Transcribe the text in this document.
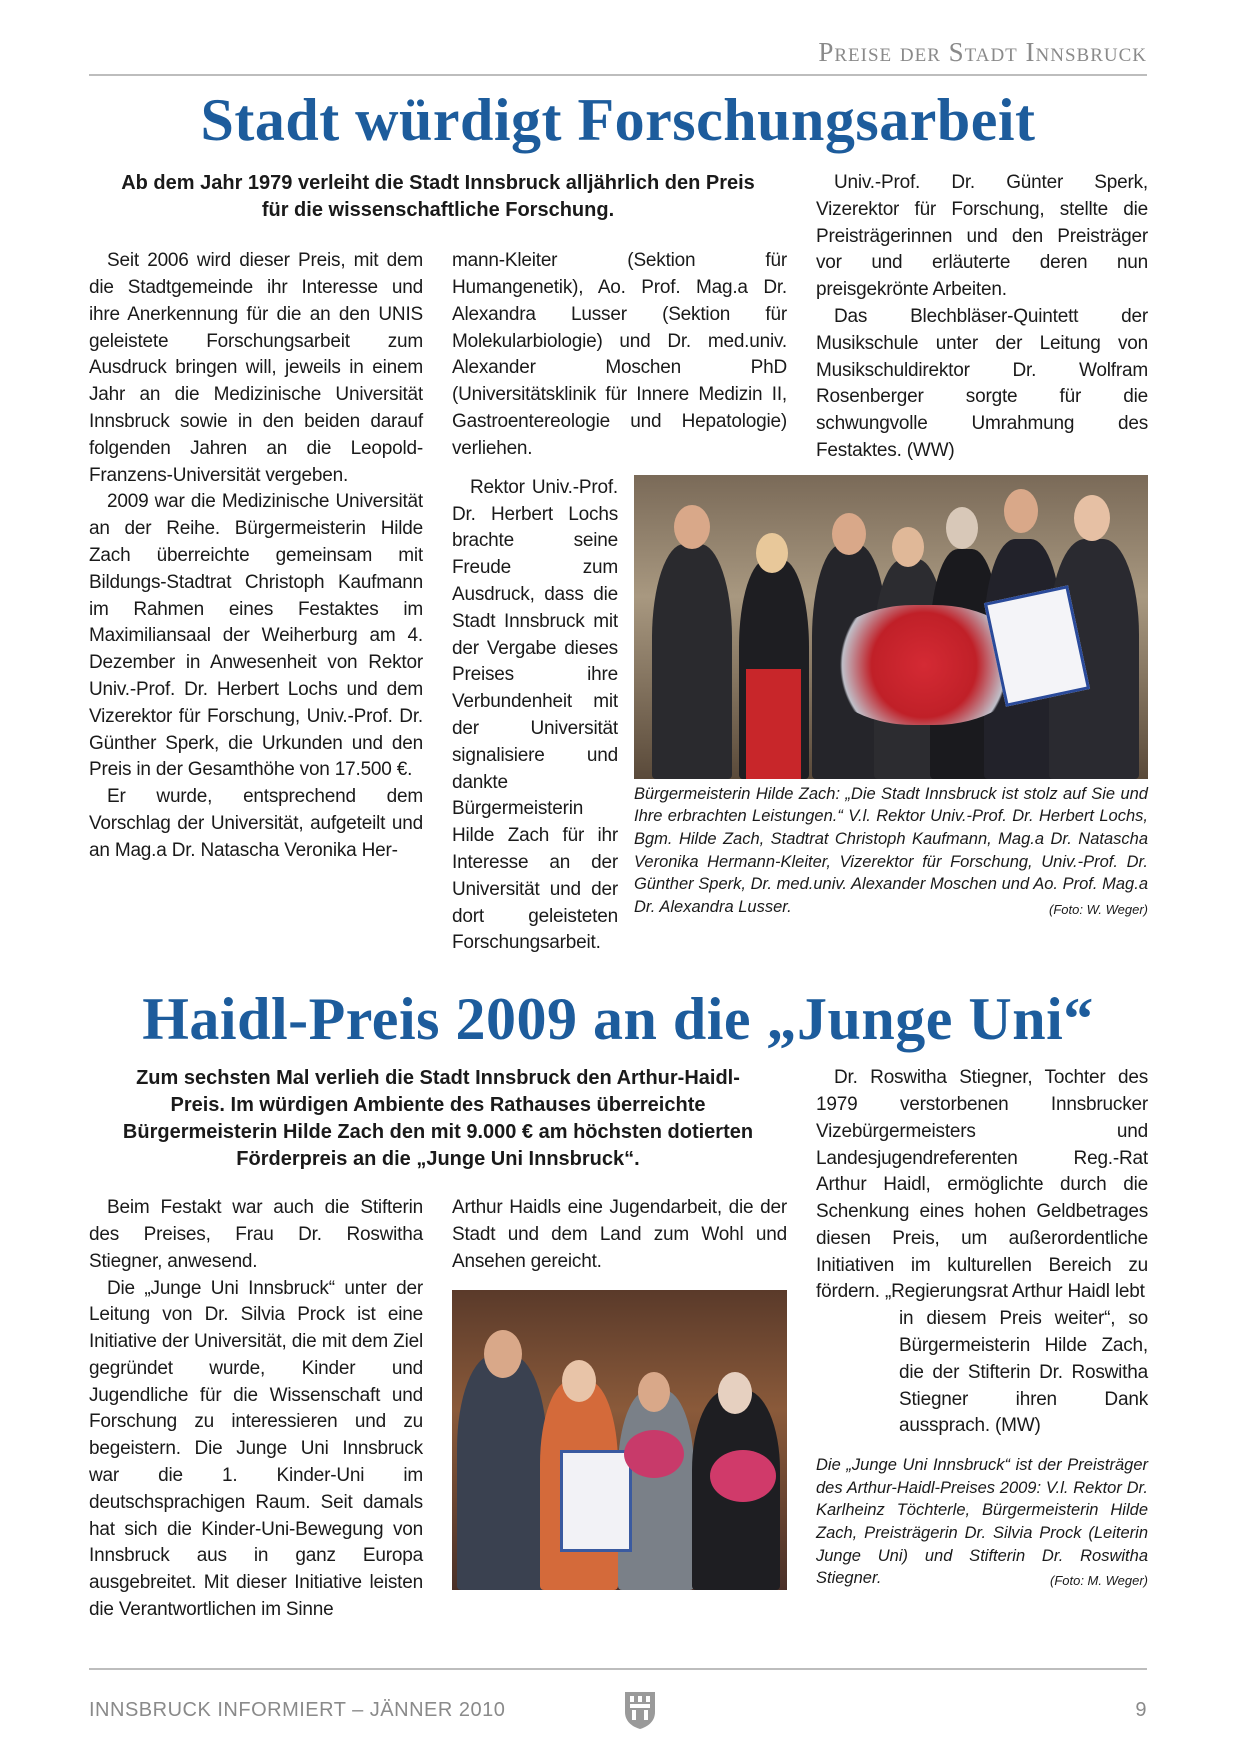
Preise der Stadt Innsbruck
Stadt würdigt Forschungsarbeit
Ab dem Jahr 1979 verleiht die Stadt Innsbruck alljährlich den Preis für die wissenschaftliche Forschung.

Seit 2006 wird dieser Preis, mit dem die Stadtgemeinde ihr Interesse und ihre Anerkennung für die an den UNIS geleistete Forschungsarbeit zum Ausdruck bringen will, jeweils in einem Jahr an die Medizinische Universität Innsbruck sowie in den beiden darauf folgenden Jahren an die Leopold-Franzens-Universität vergeben.

2009 war die Medizinische Universität an der Reihe. Bürgermeisterin Hilde Zach überreichte gemeinsam mit Bildungs-Stadtrat Christoph Kaufmann im Rahmen eines Festaktes im Maximiliansaal der Weiherburg am 4. Dezember in Anwesenheit von Rektor Univ.-Prof. Dr. Herbert Lochs und dem Vizerektor für Forschung, Univ.-Prof. Dr. Günther Sperk, die Urkunden und den Preis in der Gesamthöhe von 17.500 €.

Er wurde, entsprechend dem Vorschlag der Universität, aufgeteilt und an Mag.a Dr. Natascha Veronika Her-

mann-Kleiter (Sektion für Humangenetik), Ao. Prof. Mag.a Dr. Alexandra Lusser (Sektion für Molekularbiologie) und Dr. med.univ. Alexander Moschen PhD (Universitätsklinik für Innere Medizin II, Gastroentereologie und Hepatologie) verliehen.

Univ.-Prof. Dr. Günter Sperk, Vizerektor für Forschung, stellte die Preisträgerinnen und den Preisträger vor und erläuterte deren nun preisgekrönte Arbeiten.

Das Blechbläser-Quintett der Musikschule unter der Leitung von Musikschuldirektor Dr. Wolfram Rosenberger sorgte für die schwungvolle Umrahmung des Festaktes. (WW)

Rektor Univ.-Prof. Dr. Herbert Lochs brachte seine Freude zum Ausdruck, dass die Stadt Innsbruck mit der Vergabe dieses Preises ihre Verbundenheit mit der Universität signalisiere und dankte Bürgermeisterin Hilde Zach für ihr Interesse an der Universität und der dort geleisteten Forschungsarbeit.

Bürgermeisterin Hilde Zach: „Die Stadt Innsbruck ist stolz auf Sie und Ihre erbrachten Leistungen.“ V.l. Rektor Univ.-Prof. Dr. Herbert Lochs, Bgm. Hilde Zach, Stadtrat Christoph Kaufmann, Mag.a Dr. Natascha Veronika Hermann-Kleiter, Vizerektor für Forschung, Univ.-Prof. Dr. Günther Sperk, Dr. med.univ. Alexander Moschen und Ao. Prof. Mag.a Dr. Alexandra Lusser.	(Foto: W. Weger)
Haidl-Preis 2009 an die „Junge Uni“
Zum sechsten Mal verlieh die Stadt Innsbruck den Arthur-Haidl-Preis. Im würdigen Ambiente des Rathauses überreichte Bürgermeisterin Hilde Zach den mit 9.000 € am höchsten dotierten Förderpreis an die „Junge Uni Innsbruck“.

Beim Festakt war auch die Stifterin des Preises, Frau Dr. Roswitha Stiegner, anwesend.

Die „Junge Uni Innsbruck“ unter der Leitung von Dr. Silvia Prock ist eine Initiative der Universität, die mit dem Ziel gegründet wurde, Kinder und Jugendliche für die Wissenschaft und Forschung zu interessieren und zu begeistern. Die Junge Uni Innsbruck war die 1. Kinder-Uni im deutschsprachigen Raum. Seit damals hat sich die Kinder-Uni-Bewegung von Innsbruck aus in ganz Europa ausgebreitet. Mit dieser Initiative leisten die Verantwortlichen im Sinne

Arthur Haidls eine Jugendarbeit, die der Stadt und dem Land zum Wohl und Ansehen gereicht.

Dr. Roswitha Stiegner, Tochter des 1979 verstorbenen Innsbrucker Vizebürgermeisters und Landesjugendreferenten Reg.-Rat Arthur Haidl, ermöglichte durch die Schenkung eines hohen Geldbetrages diesen Preis, um außerordentliche Initiativen im kulturellen Bereich zu fördern. „Regierungsrat Arthur Haidl lebt

in diesem Preis weiter“, so Bürgermeisterin Hilde Zach, die der Stifterin Dr. Roswitha Stiegner ihren Dank aussprach. (MW)

Die „Junge Uni Innsbruck“ ist der Preisträger des Arthur-Haidl-Preises 2009: V.l. Rektor Dr. Karlheinz Töchterle, Bürgermeisterin Hilde Zach, Preisträgerin Dr. Silvia Prock (Leiterin Junge Uni) und Stifterin Dr. Roswitha Stiegner.	(Foto: M. Weger)
INNSBRUCK INFORMIERT – JÄNNER 2010	9
